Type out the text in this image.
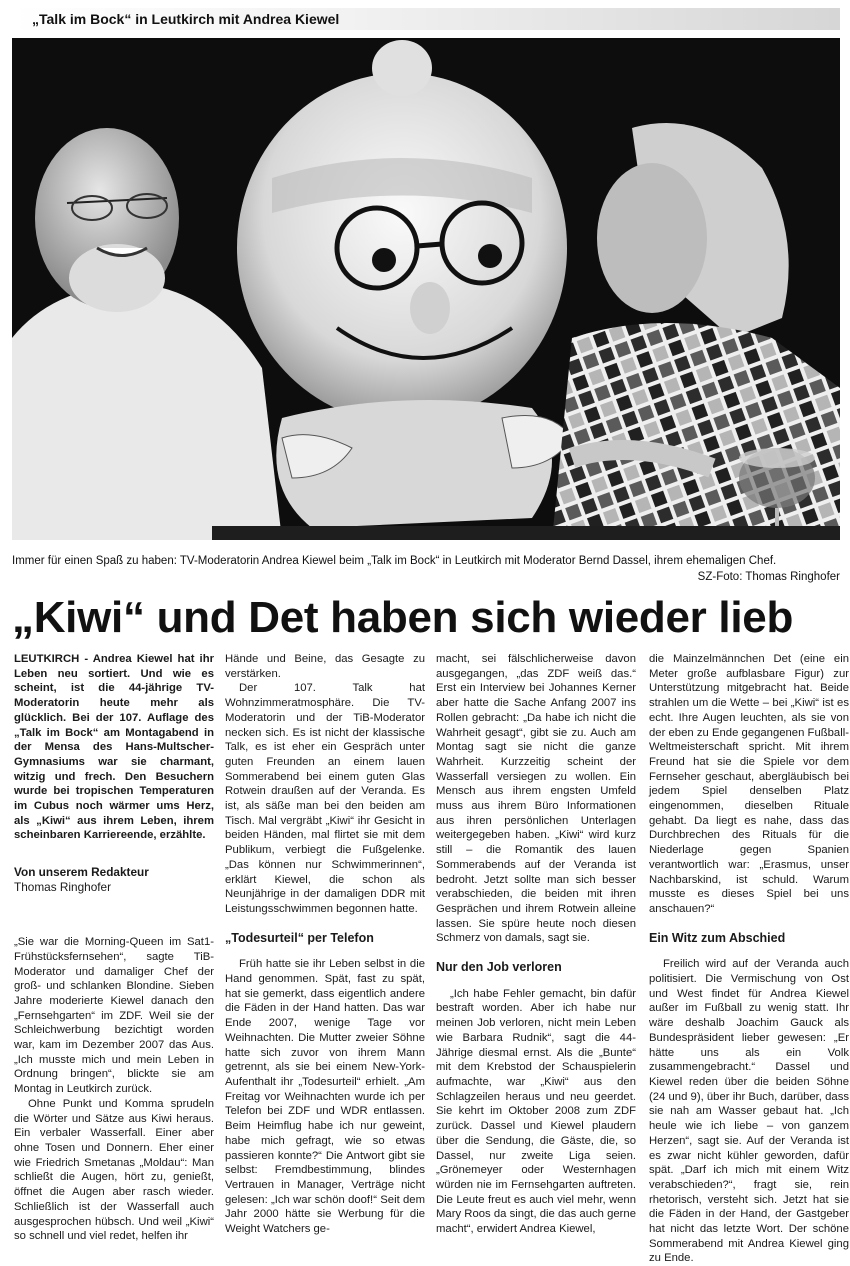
„Talk im Bock“ in Leutkirch mit Andrea Kiewel
Immer für einen Spaß zu haben: TV-Moderatorin Andrea Kiewel beim „Talk im Bock“ in Leutkirch mit Moderator Bernd Dassel, ihrem ehemaligen Chef.
SZ-Foto: Thomas Ringhofer
„Kiwi“ und Det haben sich wieder lieb

LEUTKIRCH - Andrea Kiewel hat ihr Leben neu sortiert. Und wie es scheint, ist die 44-jährige TV-Moderatorin heute mehr als glücklich. Bei der 107. Auflage des „Talk im Bock“ am Montagabend in der Mensa des Hans-Multscher-Gymnasiums war sie charmant, witzig und frech. Den Besuchern wurde bei tropischen Temperaturen im Cubus noch wärmer ums Herz, als „Kiwi“ aus ihrem Leben, ihrem scheinbaren Karriereende, erzählte.

Von unserem Redakteur
Thomas Ringhofer

„Sie war die Morning-Queen im Sat1-Frühstücksfernsehen“, sagte TiB-Moderator und damaliger Chef der groß- und schlanken Blondine. Sieben Jahre moderierte Kiewel danach den „Fernsehgarten“ im ZDF. Weil sie der Schleichwerbung bezichtigt worden war, kam im Dezember 2007 das Aus. „Ich musste mich und mein Leben in Ordnung bringen“, blickte sie am Montag in Leutkirch zurück.

Ohne Punkt und Komma sprudeln die Wörter und Sätze aus Kiwi heraus. Ein verbaler Wasserfall. Einer aber ohne Tosen und Donnern. Eher einer wie Friedrich Smetanas „Moldau“: Man schließt die Augen, hört zu, genießt, öffnet die Augen aber rasch wieder. Schließlich ist der Wasserfall auch ausgesprochen hübsch. Und weil „Kiwi“ so schnell und viel redet, helfen ihr

Hände und Beine, das Gesagte zu verstärken.

Der 107. Talk hat Wohnzimmeratmosphäre. Die TV-Moderatorin und der TiB-Moderator necken sich. Es ist nicht der klassische Talk, es ist eher ein Gespräch unter guten Freunden an einem lauen Sommerabend bei einem guten Glas Rotwein draußen auf der Veranda. Es ist, als säße man bei den beiden am Tisch. Mal vergräbt „Kiwi“ ihr Gesicht in beiden Händen, mal flirtet sie mit dem Publikum, verbiegt die Fußgelenke. „Das können nur Schwimmerinnen“, erklärt Kiewel, die schon als Neunjährige in der damaligen DDR mit Leistungsschwimmen begonnen hatte.

„Todesurteil“ per Telefon

Früh hatte sie ihr Leben selbst in die Hand genommen. Spät, fast zu spät, hat sie gemerkt, dass eigentlich andere die Fäden in der Hand hatten. Das war Ende 2007, wenige Tage vor Weihnachten. Die Mutter zweier Söhne hatte sich zuvor von ihrem Mann getrennt, als sie bei einem New-York-Aufenthalt ihr „Todesurteil“ erhielt. „Am Freitag vor Weihnachten wurde ich per Telefon bei ZDF und WDR entlassen. Beim Heimflug habe ich nur geweint, habe mich gefragt, wie so etwas passieren konnte?“ Die Antwort gibt sie selbst: Fremdbestimmung, blindes Vertrauen in Manager, Verträge nicht gelesen: „Ich war schön doof!“ Seit dem Jahr 2000 hätte sie Werbung für die Weight Watchers ge-

macht, sei fälschlicherweise davon ausgegangen, „das ZDF weiß das.“ Erst ein Interview bei Johannes Kerner aber hatte die Sache Anfang 2007 ins Rollen gebracht: „Da habe ich nicht die Wahrheit gesagt“, gibt sie zu. Auch am Montag sagt sie nicht die ganze Wahrheit. Kurzzeitig scheint der Wasserfall versiegen zu wollen. Ein Mensch aus ihrem engsten Umfeld muss aus ihrem Büro Informationen aus ihren persönlichen Unterlagen weitergegeben haben. „Kiwi“ wird kurz still – die Romantik des lauen Sommerabends auf der Veranda ist bedroht. Jetzt sollte man sich besser verabschieden, die beiden mit ihren Gesprächen und ihrem Rotwein alleine lassen. Sie spüre heute noch diesen Schmerz von damals, sagt sie.

Nur den Job verloren

„Ich habe Fehler gemacht, bin dafür bestraft worden. Aber ich habe nur meinen Job verloren, nicht mein Leben wie Barbara Rudnik“, sagt die 44-Jährige diesmal ernst. Als die „Bunte“ mit dem Krebstod der Schauspielerin aufmachte, war „Kiwi“ aus den Schlagzeilen heraus und neu geerdet. Sie kehrt im Oktober 2008 zum ZDF zurück. Dassel und Kiewel plaudern über die Sendung, die Gäste, die, so Dassel, nur zweite Liga seien. „Grönemeyer oder Westernhagen würden nie im Fernsehgarten auftreten. Die Leute freut es auch viel mehr, wenn Mary Roos da singt, die das auch gerne macht“, erwidert Andrea Kiewel,

die Mainzelmännchen Det (eine ein Meter große aufblasbare Figur) zur Unterstützung mitgebracht hat. Beide strahlen um die Wette – bei „Kiwi“ ist es echt. Ihre Augen leuchten, als sie von der eben zu Ende gegangenen Fußball-Weltmeisterschaft spricht. Mit ihrem Freund hat sie die Spiele vor dem Fernseher geschaut, abergläubisch bei jedem Spiel denselben Platz eingenommen, dieselben Rituale gehabt. Da liegt es nahe, dass das Durchbrechen des Rituals für die Niederlage gegen Spanien verantwortlich war: „Erasmus, unser Nachbarskind, ist schuld. Warum musste es dieses Spiel bei uns anschauen?“

Ein Witz zum Abschied

Freilich wird auf der Veranda auch politisiert. Die Vermischung von Ost und West findet für Andrea Kiewel außer im Fußball zu wenig statt. Ihr wäre deshalb Joachim Gauck als Bundespräsident lieber gewesen: „Er hätte uns als ein Volk zusammengebracht.“ Dassel und Kiewel reden über die beiden Söhne (24 und 9), über ihr Buch, darüber, dass sie nah am Wasser gebaut hat. „Ich heule wie ich liebe – von ganzem Herzen“, sagt sie. Auf der Veranda ist es zwar nicht kühler geworden, dafür spät. „Darf ich mich mit einem Witz verabschieden?“, fragt sie, rein rhetorisch, versteht sich. Jetzt hat sie die Fäden in der Hand, der Gastgeber hat nicht das letzte Wort. Der schöne Sommerabend mit Andrea Kiewel ging zu Ende.
